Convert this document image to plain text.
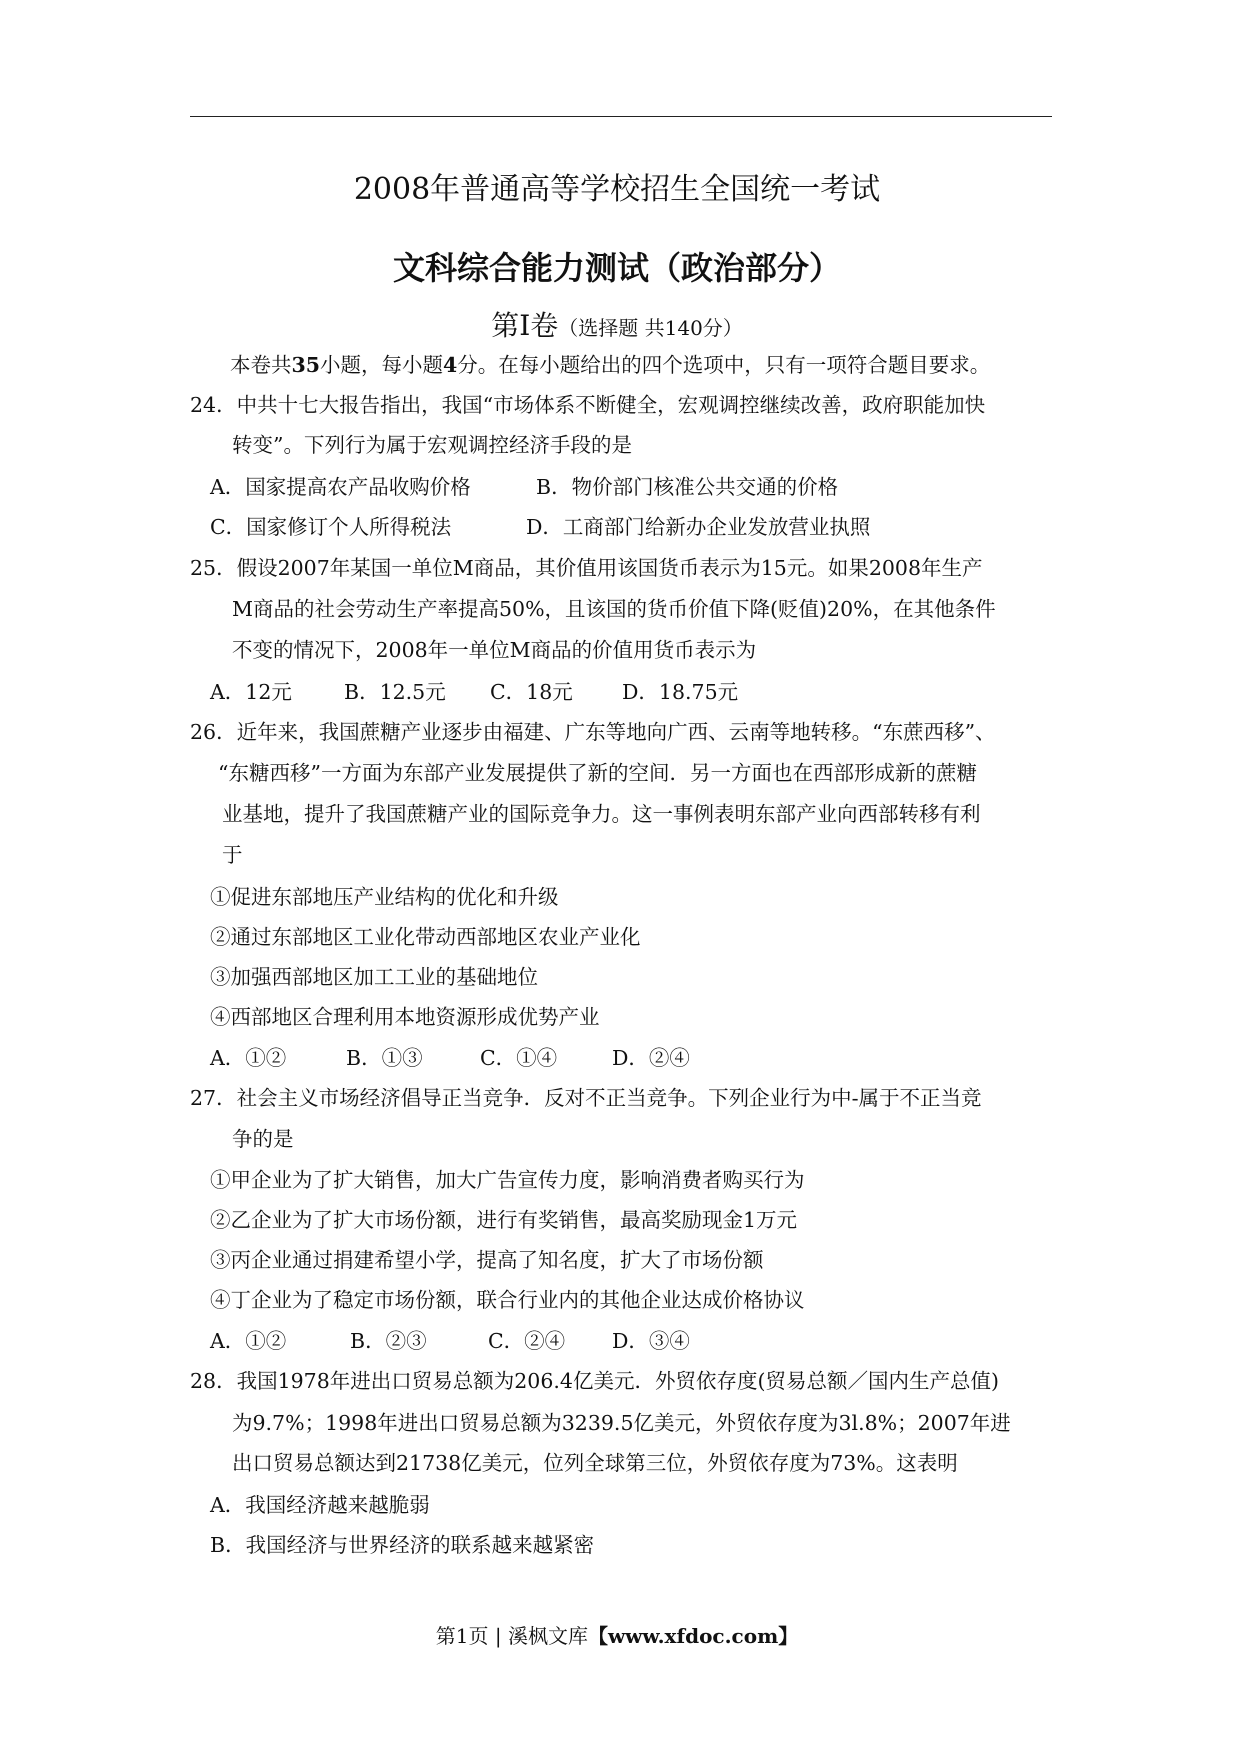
2008年普通高等学校招生全国统一考试
文科综合能力测试（政治部分）
第Ⅰ卷（选择题 共140分）
本卷共35小题，每小题4分。在每小题给出的四个选项中，只有一项符合题目要求。
24．中共十七大报告指出，我国“市场体系不断健全，宏观调控继续改善，政府职能加快
转变”。下列行为属于宏观调控经济手段的是
A．国家提高农产品收购价格	B．物价部门核准公共交通的价格
C．国家修订个人所得税法	D．工商部门给新办企业发放营业执照
25．假设2007年某国一单位M商品，其价值用该国货币表示为15元。如果2008年生产
M商品的社会劳动生产率提高50%，且该国的货币价值下降(贬值)20%，在其他条件
不变的情况下，2008年一单位M商品的价值用货币表示为
A．12元	B．12.5元 C．18元 D．18.75元
26．近年来，我国蔗糖产业逐步由福建、广东等地向广西、云南等地转移。“东蔗西移”、
“东糖西移”一方面为东部产业发展提供了新的空间．另一方面也在西部形成新的蔗糖
业基地，提升了我国蔗糖产业的国际竞争力。这一事例表明东部产业向西部转移有利
于
①促进东部地压产业结构的优化和升级
②通过东部地区工业化带动西部地区农业产业化
③加强西部地区加工工业的基础地位
④西部地区合理利用本地资源形成优势产业
A．①②	B．①③	C．①④	D．②④
27．社会主义市场经济倡导正当竞争．反对不正当竞争。下列企业行为中-属于不正当竞
争的是
①甲企业为了扩大销售，加大广告宣传力度，影响消费者购买行为
②乙企业为了扩大市场份额，进行有奖销售，最高奖励现金1万元
③丙企业通过捐建希望小学，提高了知名度，扩大了市场份额
④丁企业为了稳定市场份额，联合行业内的其他企业达成价格协议
A．①②	B．②③	C．②④ D．③④
28．我国1978年进出口贸易总额为206.4亿美元．外贸依存度(贸易总额／国内生产总值)
为9.7%；1998年进出口贸易总额为3239.5亿美元，外贸依存度为3l.8%；2007年进
出口贸易总额达到21738亿美元，位列全球第三位，外贸依存度为73%。这表明
A．我国经济越来越脆弱
B．我国经济与世界经济的联系越来越紧密
第1页 | 溪枫文库【www.xfdoc.com】
